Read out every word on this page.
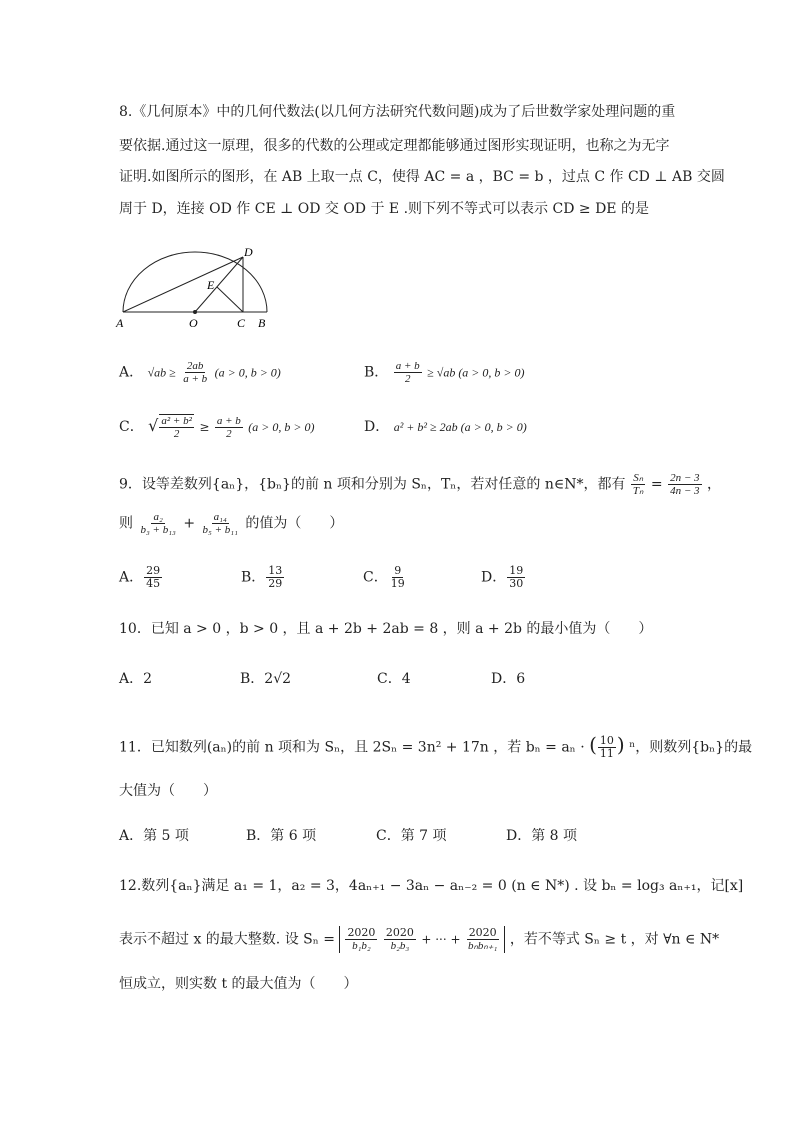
8.《几何原本》中的几何代数法(以几何方法研究代数问题)成为了后世数学家处理问题的重
要依据.通过这一原理，很多的代数的公理或定理都能够通过图形实现证明，也称之为无字
证明.如图所示的图形，在 AB 上取一点 C，使得 AC = a ，BC = b ，过点 C 作 CD ⊥ AB 交圆
周于 D，连接 OD 作 CE ⊥ OD 交 OD 于 E .则下列不等式可以表示 CD ≥ DE 的是
A	O	C B
D
E
A． $√ab \ge \frac{2ab}{a + b} (a > 0$, b > 0)	B． $\frac{a + b}{2} \ge √ab$ (a > 0, b > 0)
C． √ $\frac{\text{a² + b²}}{2} \ge \frac{a + b}{2} (a > 0$, b > 0)	D． a² + b² ≥ 2ab (a > 0, b > 0)
9．设等差数列{aₙ}，{bₙ}的前 n 项和分别为 Sₙ，Tₙ，若对任意的 n∈N*，都有 $\frac{\text{Sₙ}}{\text{Tₙ}} = \frac{2n - 3}{4n - 3}$ ，
则 $\frac{\text{a₂}}{\text{b₃ + b₁₃}} + \frac{\text{a₁₄}}{\text{b₅ + b₁₁}}$ 的值为（　　）
A． $\frac{29}{45}$	B． $\frac{13}{29}$	C． $\frac{9}{19}$	D． $\frac{19}{30}$
10．已知 a > 0 ，b > 0 ，且 a + 2b + 2ab = 8 ，则 a + 2b 的最小值为（　　）
A．2	B．2√2	C．4	D．6
11．已知数列(aₙ)的前 n 项和为 Sₙ，且 2Sₙ = 3n² + 17n ，若 bₙ = aₙ · ( $\frac{10}{11}$ ) ⁿ，则数列{bₙ}的最
大值为（　　）
A．第 5 项	B．第 6 项	C．第 7 项	D．第 8 项
12.数列{aₙ}满足 a₁ = 1，a₂ = 3，4aₙ₊₁ − 3aₙ − aₙ₋₂ = 0 (n ∈ N*) . 设 bₙ = log₃ aₙ₊₁，记[x]
表示不超过 x 的最大整数. 设 $S_n = \frac{2020}{\text{b₁b₂}}$
$\frac{2020}{\text{b₂b₃}}$ + ··· + $\frac{2020}{\text{bₙbₙ₊₁}}$ ，若不等式 Sₙ ≥ t ，对 ∀n ∈ N*
恒成立，则实数 t 的最大值为（　　）
